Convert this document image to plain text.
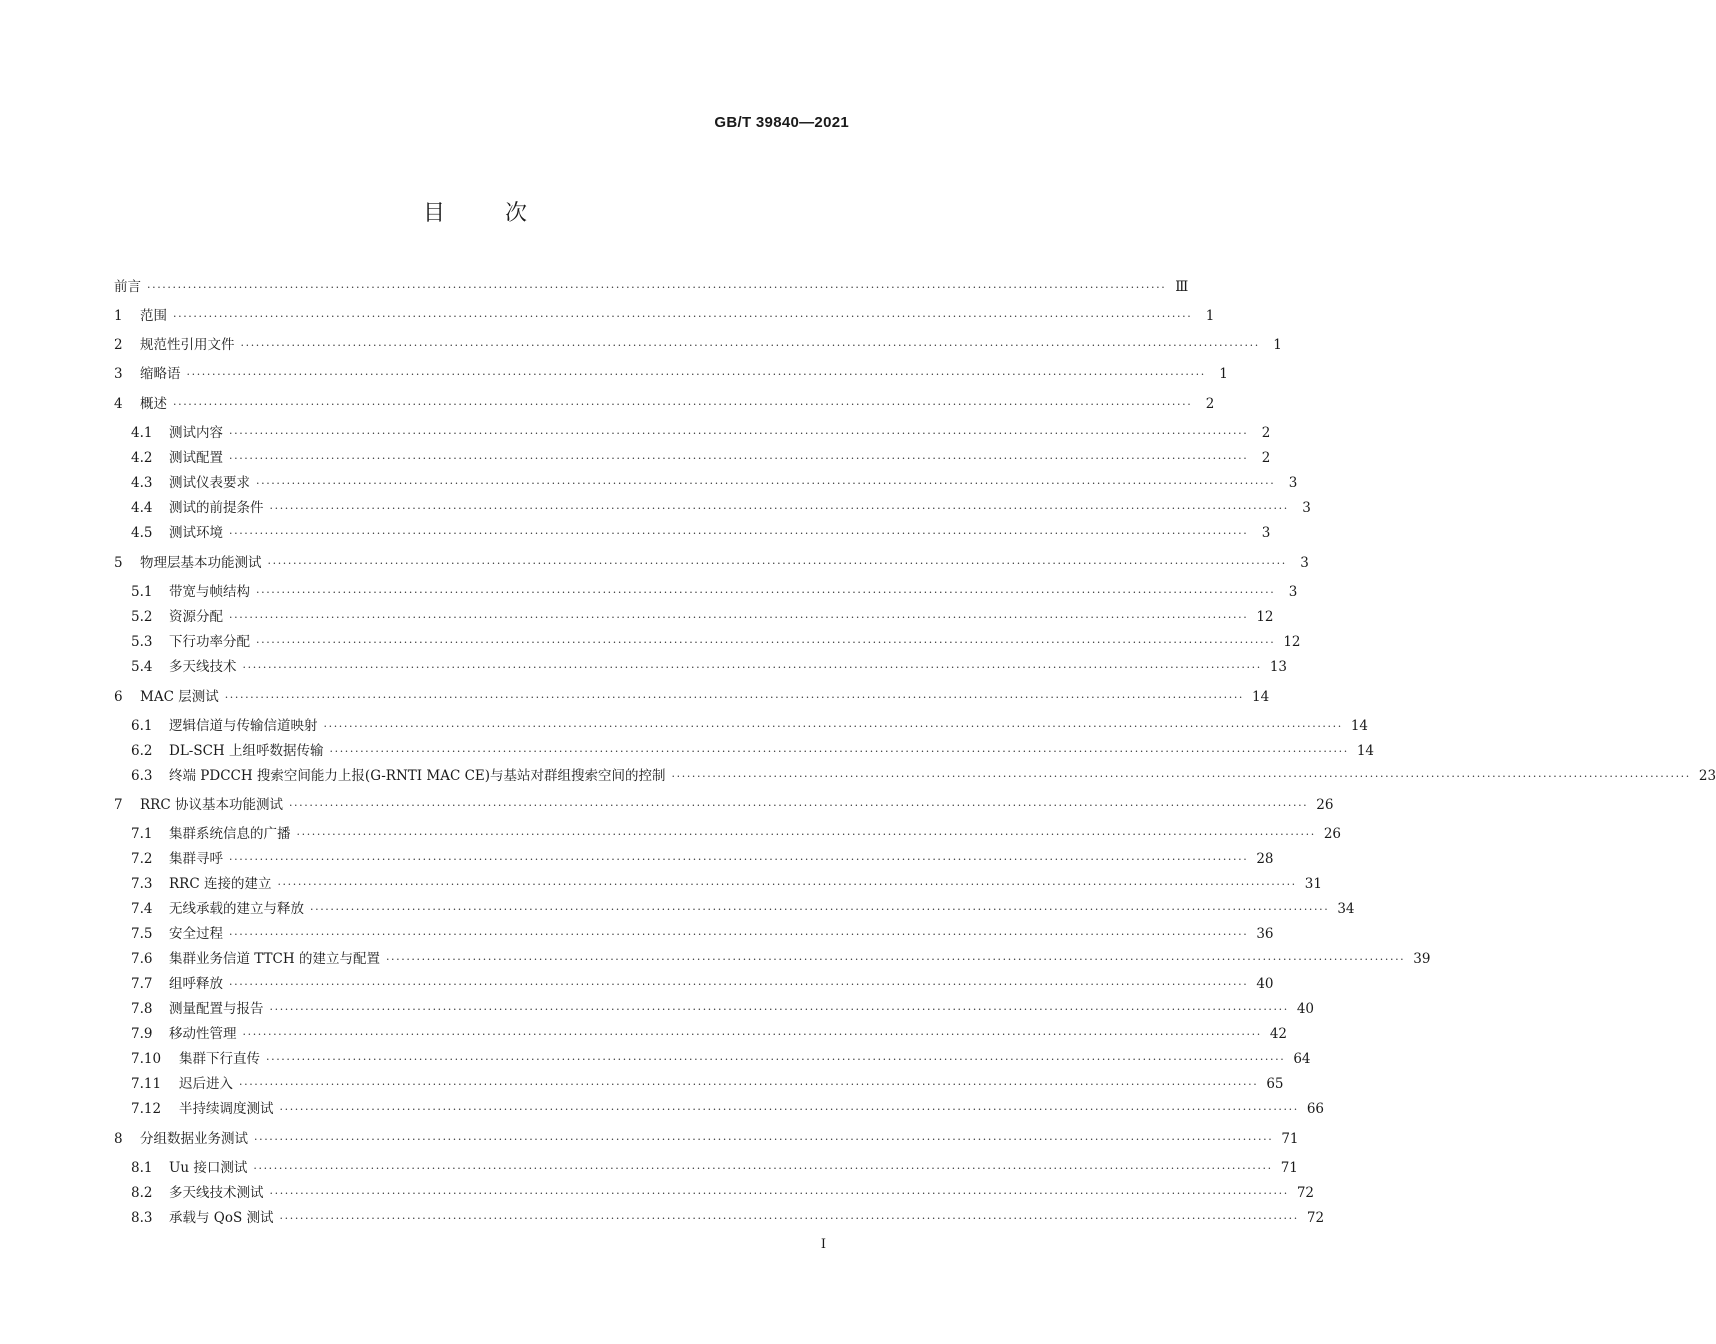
GB/T 39840—2021
目次
前言 ········································································································································································································ Ⅲ
1	范围 ········································································································································································································ 1
2	规范性引用文件 ········································································································································································································ 1
3	缩略语 ········································································································································································································ 1
4	概述 ········································································································································································································ 2
4.1	测试内容 ········································································································································································································ 2
4.2	测试配置 ········································································································································································································ 2
4.3	测试仪表要求 ········································································································································································································ 3
4.4	测试的前提条件 ········································································································································································································ 3
4.5	测试环境 ········································································································································································································ 3
5	物理层基本功能测试 ········································································································································································································ 3
5.1	带宽与帧结构 ········································································································································································································ 3
5.2	资源分配 ········································································································································································································ 12
5.3	下行功率分配 ········································································································································································································ 12
5.4	多天线技术 ········································································································································································································ 13
6	MAC 层测试 ········································································································································································································ 14
6.1	逻辑信道与传输信道映射 ········································································································································································································ 14
6.2	DL-SCH 上组呼数据传输 ········································································································································································································ 14
6.3	终端 PDCCH 搜索空间能力上报(G-RNTI MAC CE)与基站对群组搜索空间的控制 ········································································································································································································ 23
7	RRC 协议基本功能测试 ········································································································································································································ 26
7.1	集群系统信息的广播 ········································································································································································································ 26
7.2	集群寻呼 ········································································································································································································ 28
7.3	RRC 连接的建立 ········································································································································································································ 31
7.4	无线承载的建立与释放 ········································································································································································································ 34
7.5	安全过程 ········································································································································································································ 36
7.6	集群业务信道 TTCH 的建立与配置 ········································································································································································································ 39
7.7	组呼释放 ········································································································································································································ 40
7.8	测量配置与报告 ········································································································································································································ 40
7.9	移动性管理 ········································································································································································································ 42
7.10	集群下行直传 ········································································································································································································ 64
7.11	迟后进入 ········································································································································································································ 65
7.12	半持续调度测试 ········································································································································································································ 66
8	分组数据业务测试 ········································································································································································································ 71
8.1	Uu 接口测试 ········································································································································································································ 71
8.2	多天线技术测试 ········································································································································································································ 72
8.3	承载与 QoS 测试 ········································································································································································································ 72
I
